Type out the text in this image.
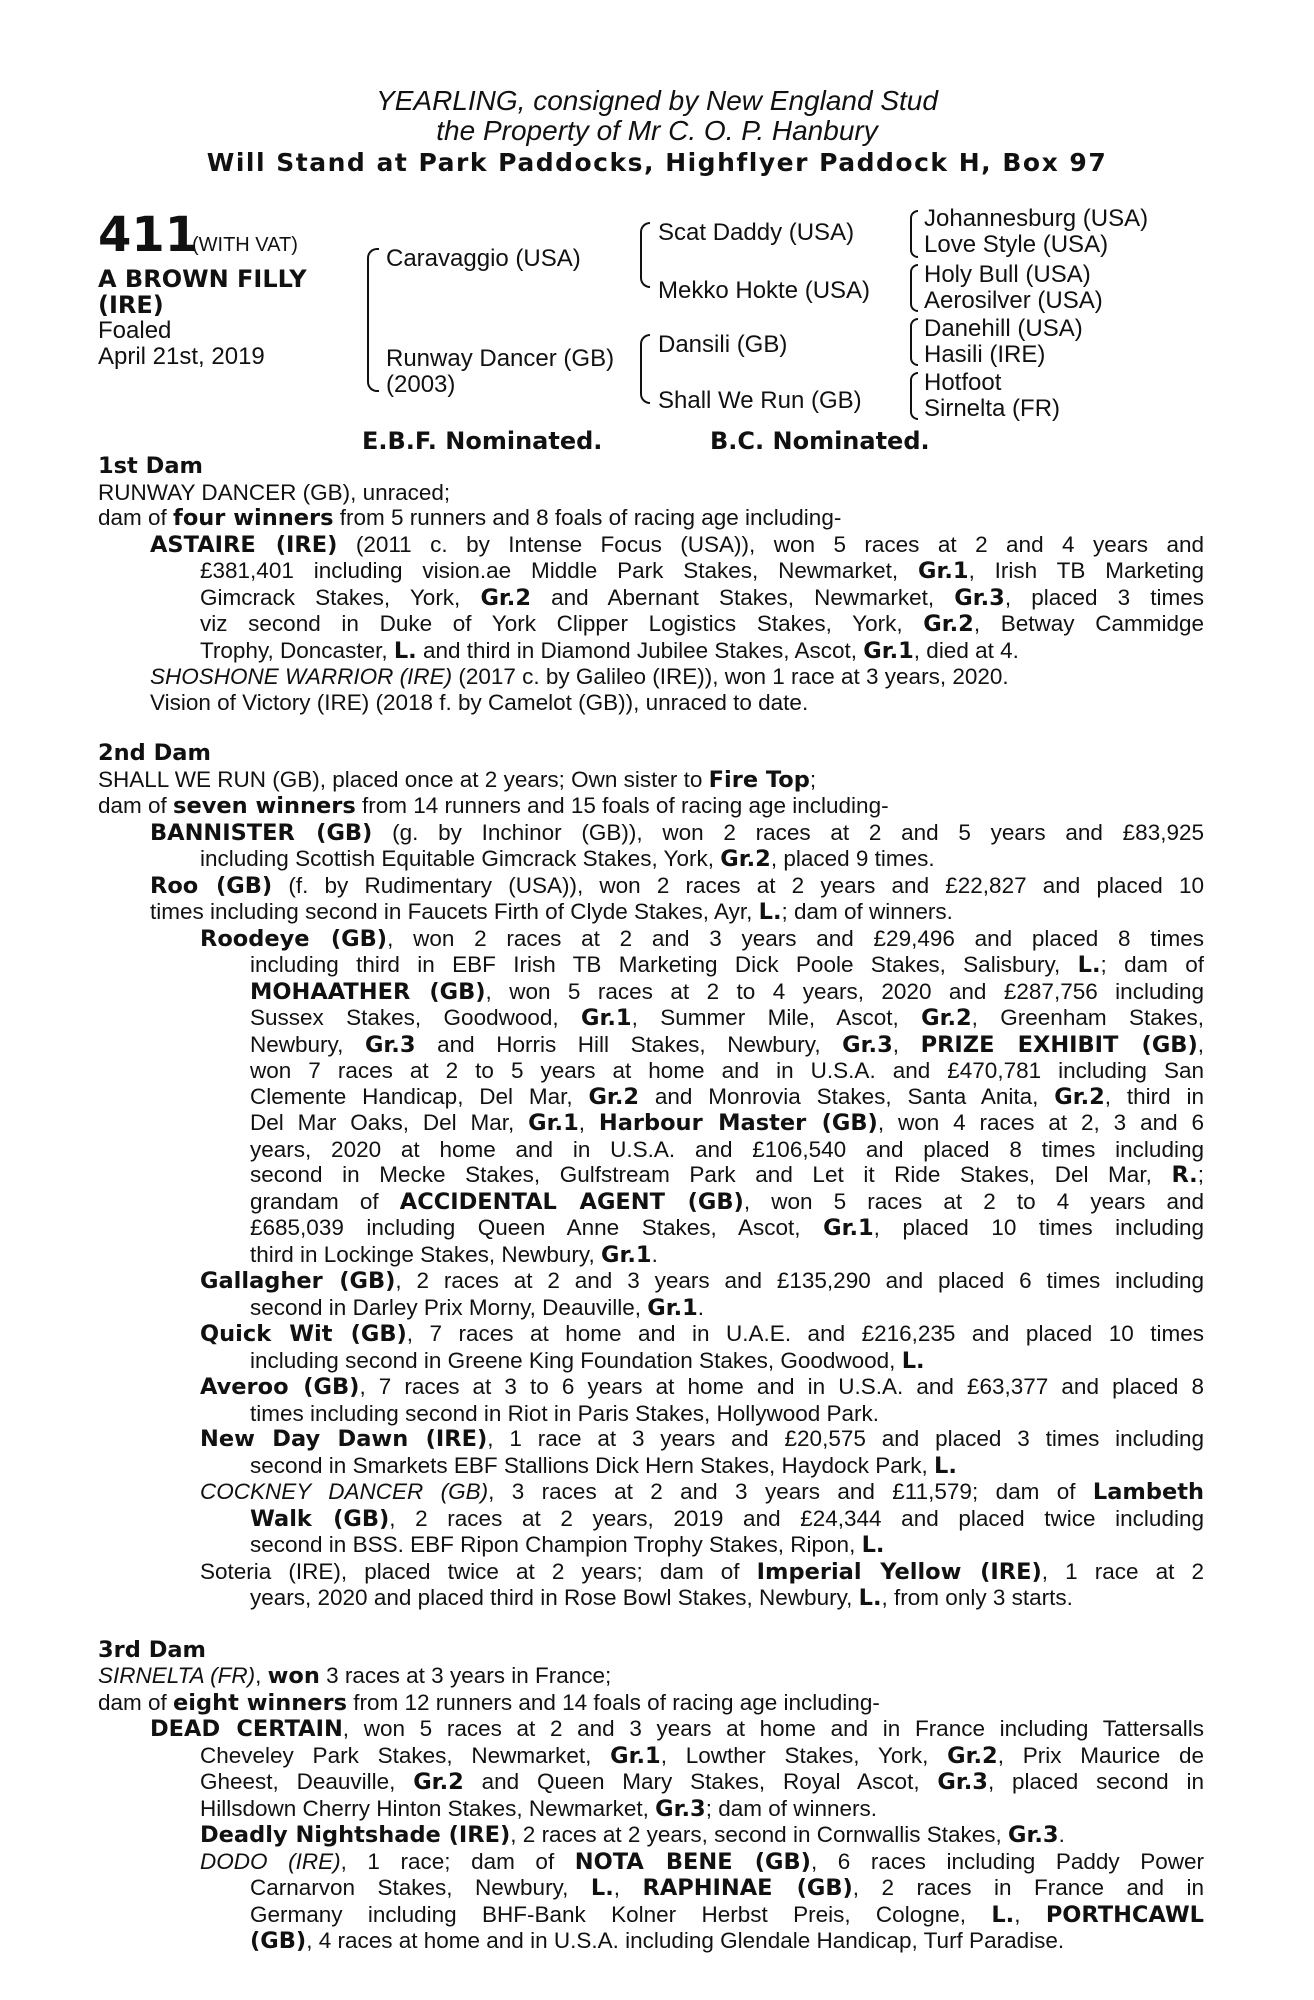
YEARLING, consigned by New England Stud
the Property of Mr C. O. P. Hanbury
Will Stand at Park Paddocks, Highflyer Paddock H, Box 97
411
(WITH VAT)
A BROWN FILLY
(IRE)
Foaled
April 21st, 2019
Caravaggio (USA)
Runway Dancer (GB)
(2003)
Scat Daddy (USA)
Mekko Hokte (USA)
Dansili (GB)
Shall We Run (GB)
Johannesburg (USA)
Love Style (USA)
Holy Bull (USA)
Aerosilver (USA)
Danehill (USA)
Hasili (IRE)
Hotfoot
Sirnelta (FR)
E.B.F. Nominated.	B.C. Nominated.
1st Dam
RUNWAY DANCER (GB), unraced;
dam of four winners from 5 runners and 8 foals of racing age including-
ASTAIRE (IRE) (2011 c. by Intense Focus (USA)), won 5 races at 2 and 4 years and
£381,401 including vision.ae Middle Park Stakes, Newmarket, Gr.1, Irish TB Marketing
Gimcrack Stakes, York, Gr.2 and Abernant Stakes, Newmarket, Gr.3, placed 3 times
viz second in Duke of York Clipper Logistics Stakes, York, Gr.2, Betway Cammidge
Trophy, Doncaster, L. and third in Diamond Jubilee Stakes, Ascot, Gr.1, died at 4.
SHOSHONE WARRIOR (IRE) (2017 c. by Galileo (IRE)), won 1 race at 3 years, 2020.
Vision of Victory (IRE) (2018 f. by Camelot (GB)), unraced to date.
2nd Dam
SHALL WE RUN (GB), placed once at 2 years; Own sister to Fire Top;
dam of seven winners from 14 runners and 15 foals of racing age including-
BANNISTER (GB) (g. by Inchinor (GB)), won 2 races at 2 and 5 years and £83,925
including Scottish Equitable Gimcrack Stakes, York, Gr.2, placed 9 times.
Roo (GB) (f. by Rudimentary (USA)), won 2 races at 2 years and £22,827 and placed 10
times including second in Faucets Firth of Clyde Stakes, Ayr, L.; dam of winners.
Roodeye (GB), won 2 races at 2 and 3 years and £29,496 and placed 8 times
including third in EBF Irish TB Marketing Dick Poole Stakes, Salisbury, L.; dam of
MOHAATHER (GB), won 5 races at 2 to 4 years, 2020 and £287,756 including
Sussex Stakes, Goodwood, Gr.1, Summer Mile, Ascot, Gr.2, Greenham Stakes,
Newbury, Gr.3 and Horris Hill Stakes, Newbury, Gr.3, PRIZE EXHIBIT (GB),
won 7 races at 2 to 5 years at home and in U.S.A. and £470,781 including San
Clemente Handicap, Del Mar, Gr.2 and Monrovia Stakes, Santa Anita, Gr.2, third in
Del Mar Oaks, Del Mar, Gr.1, Harbour Master (GB), won 4 races at 2, 3 and 6
years, 2020 at home and in U.S.A. and £106,540 and placed 8 times including
second in Mecke Stakes, Gulfstream Park and Let it Ride Stakes, Del Mar, R.;
grandam of ACCIDENTAL AGENT (GB), won 5 races at 2 to 4 years and
£685,039 including Queen Anne Stakes, Ascot, Gr.1, placed 10 times including
third in Lockinge Stakes, Newbury, Gr.1.
Gallagher (GB), 2 races at 2 and 3 years and £135,290 and placed 6 times including
second in Darley Prix Morny, Deauville, Gr.1.
Quick Wit (GB), 7 races at home and in U.A.E. and £216,235 and placed 10 times
including second in Greene King Foundation Stakes, Goodwood, L.
Averoo (GB), 7 races at 3 to 6 years at home and in U.S.A. and £63,377 and placed 8
times including second in Riot in Paris Stakes, Hollywood Park.
New Day Dawn (IRE), 1 race at 3 years and £20,575 and placed 3 times including
second in Smarkets EBF Stallions Dick Hern Stakes, Haydock Park, L.
COCKNEY DANCER (GB), 3 races at 2 and 3 years and £11,579; dam of Lambeth
Walk (GB), 2 races at 2 years, 2019 and £24,344 and placed twice including
second in BSS. EBF Ripon Champion Trophy Stakes, Ripon, L.
Soteria (IRE), placed twice at 2 years; dam of Imperial Yellow (IRE), 1 race at 2
years, 2020 and placed third in Rose Bowl Stakes, Newbury, L., from only 3 starts.
3rd Dam
SIRNELTA (FR), won 3 races at 3 years in France;
dam of eight winners from 12 runners and 14 foals of racing age including-
DEAD CERTAIN, won 5 races at 2 and 3 years at home and in France including Tattersalls
Cheveley Park Stakes, Newmarket, Gr.1, Lowther Stakes, York, Gr.2, Prix Maurice de
Gheest, Deauville, Gr.2 and Queen Mary Stakes, Royal Ascot, Gr.3, placed second in
Hillsdown Cherry Hinton Stakes, Newmarket, Gr.3; dam of winners.
Deadly Nightshade (IRE), 2 races at 2 years, second in Cornwallis Stakes, Gr.3.
DODO (IRE), 1 race; dam of NOTA BENE (GB), 6 races including Paddy Power
Carnarvon Stakes, Newbury, L., RAPHINAE (GB), 2 races in France and in
Germany including BHF-Bank Kolner Herbst Preis, Cologne, L., PORTHCAWL
(GB), 4 races at home and in U.S.A. including Glendale Handicap, Turf Paradise.
